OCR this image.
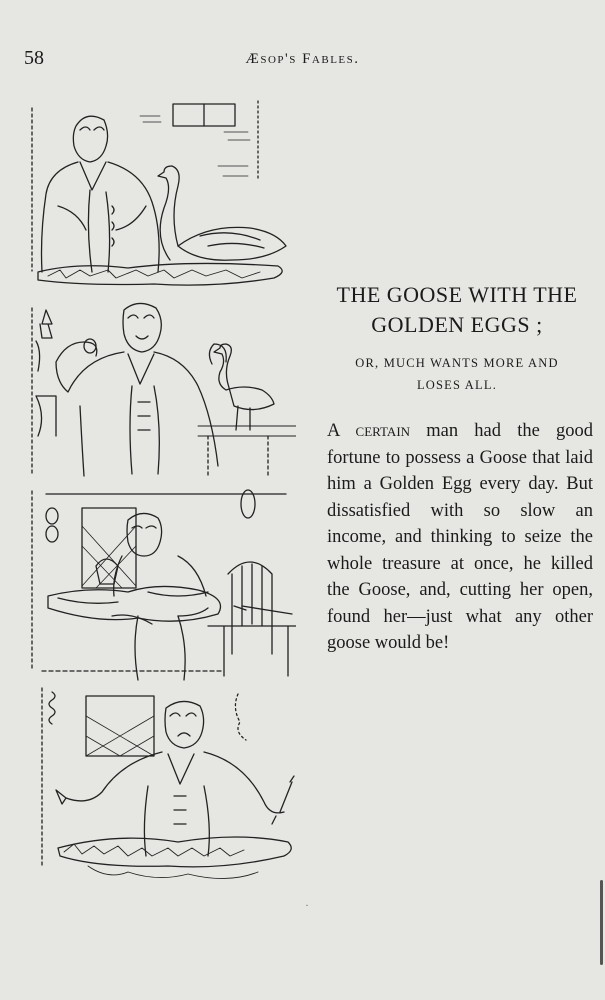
58	Æsop's Fables.
THE GOOSE WITH THE
GOLDEN EGGS ;
OR, MUCH WANTS MORE AND
LOSES ALL.
A certain man had the good fortune to possess a Goose that laid him a Golden Egg every day. But dissatisfied with so slow an income, and thinking to seize the whole treasure at once, he killed the Goose, and, cutting her open, found her—just what any other goose would be!
·
